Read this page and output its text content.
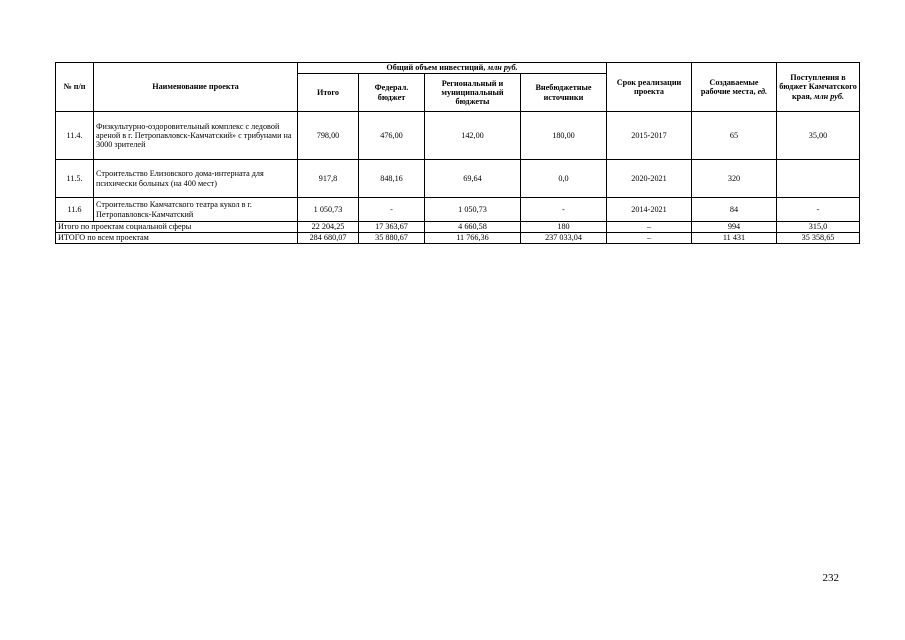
№ п/п	Наименование проекта	Общий объем инвестиций, млн руб.				Срок реализации проекта	Создаваемые рабочие места, ед.	Поступления в бюджет Камчатского края, млн руб.
		Итого	Федерал. бюджет	Региональный и муниципальный бюджеты	Внебюджетные источники			
11.4.	Физкультурно-оздоровительный комплекс с ледовой ареной в г. Петропавловск-Камчатский» с трибунами на 3000 зрителей	798,00	476,00	142,00	180,00	2015-2017	65	35,00
11.5.	Строительство Елизовского дома-интерната для психически больных (на 400 мест)	917,8	848,16	69,64	0,0	2020-2021	320	
11.6	Строительство Камчатского театра кукол в г. Петропавловск-Камчатский	1 050,73	-	1 050,73	-	2014-2021	84	-
Итого по проектам социальной сферы		22 204,25	17 363,67	4 660,58	180	–	994	315,0
ИТОГО по всем проектам		284 680,07	35 880,67	11 766,36	237 033,04	–	11 431	35 358,65
232
